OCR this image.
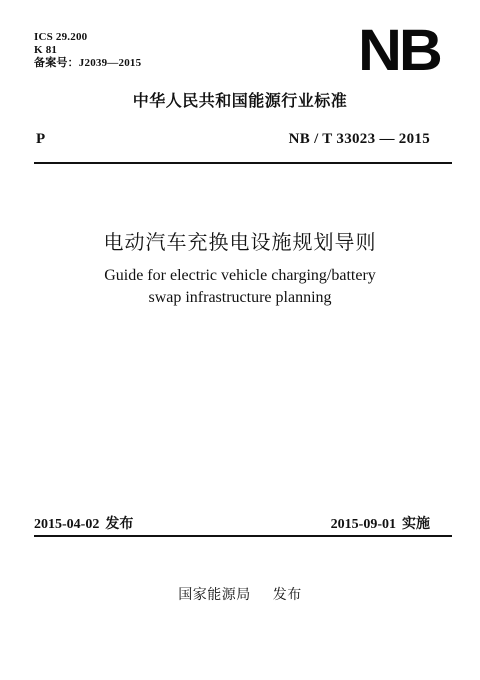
ICS 29.200
K 81
备案号：J2039—2015	NB
中华人民共和国能源行业标准
P	NB / T 33023 — 2015
电动汽车充换电设施规划导则
Guide for electric vehicle charging/battery
swap infrastructure planning
2015-04-02 发布	2015-09-01 实施
国家能源局 发布
